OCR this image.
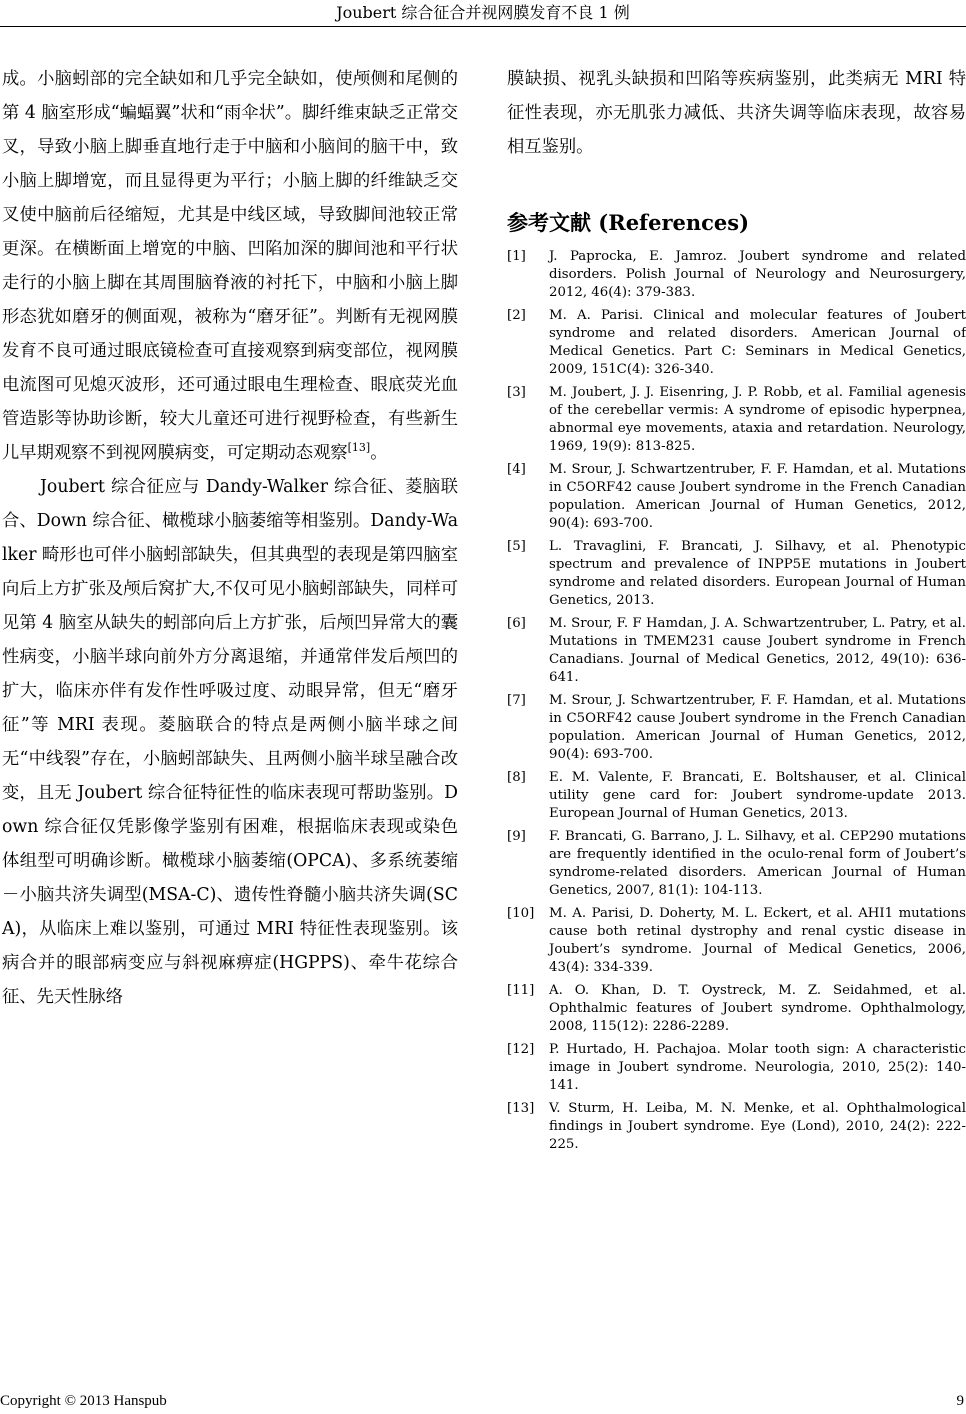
Joubert 综合征合并视网膜发育不良 1 例

成。小脑蚓部的完全缺如和几乎完全缺如，使颅侧和尾侧的第 4 脑室形成“蝙蝠翼”状和“雨伞状”。脚纤维束缺乏正常交叉，导致小脑上脚垂直地行走于中脑和小脑间的脑干中，致小脑上脚增宽，而且显得更为平行；小脑上脚的纤维缺乏交叉使中脑前后径缩短，尤其是中线区域，导致脚间池较正常更深。在横断面上增宽的中脑、凹陷加深的脚间池和平行状走行的小脑上脚在其周围脑脊液的衬托下，中脑和小脑上脚形态犹如磨牙的侧面观，被称为“磨牙征”。判断有无视网膜发育不良可通过眼底镜检查可直接观察到病变部位，视网膜电流图可见熄灭波形，还可通过眼电生理检查、眼底荧光血管造影等协助诊断，较大儿童还可进行视野检查，有些新生儿早期观察不到视网膜病变，可定期动态观察[13]。

Joubert 综合征应与 Dandy-Walker 综合征、菱脑联合、Down 综合征、橄榄球小脑萎缩等相鉴别。Dandy-Walker 畸形也可伴小脑蚓部缺失，但其典型的表现是第四脑室向后上方扩张及颅后窝扩大,不仅可见小脑蚓部缺失，同样可见第 4 脑室从缺失的蚓部向后上方扩张，后颅凹异常大的囊性病变，小脑半球向前外方分离退缩，并通常伴发后颅凹的扩大，临床亦伴有发作性呼吸过度、动眼异常，但无“磨牙征”等 MRI 表现。菱脑联合的特点是两侧小脑半球之间无“中线裂”存在，小脑蚓部缺失、且两侧小脑半球呈融合改变，且无 Joubert 综合征特征性的临床表现可帮助鉴别。Down 综合征仅凭影像学鉴别有困难，根据临床表现或染色体组型可明确诊断。橄榄球小脑萎缩(OPCA)、多系统萎缩－小脑共济失调型(MSA-C)、遗传性脊髓小脑共济失调(SCA)，从临床上难以鉴别，可通过 MRI 特征性表现鉴别。该病合并的眼部病变应与斜视麻痹症(HGPPS)、牵牛花综合征、先天性脉络

膜缺损、视乳头缺损和凹陷等疾病鉴别，此类病无 MRI 特征性表现，亦无肌张力减低、共济失调等临床表现，故容易相互鉴别。

参考文献 (References)
[1]	J. Paprocka, E. Jamroz. Joubert syndrome and related disorders. Polish Journal of Neurology and Neurosurgery, 2012, 46(4): 379-383.
[2]	M. A. Parisi. Clinical and molecular features of Joubert syndrome and related disorders. American Journal of Medical Genetics. Part C: Seminars in Medical Genetics, 2009, 151C(4): 326-340.
[3]	M. Joubert, J. J. Eisenring, J. P. Robb, et al. Familial agenesis of the cerebellar vermis: A syndrome of episodic hyperpnea, abnormal eye movements, ataxia and retardation. Neurology, 1969, 19(9): 813-825.
[4]	M. Srour, J. Schwartzentruber, F. F. Hamdan, et al. Mutations in C5ORF42 cause Joubert syndrome in the French Canadian population. American Journal of Human Genetics, 2012, 90(4): 693-700.
[5]	L. Travaglini, F. Brancati, J. Silhavy, et al. Phenotypic spectrum and prevalence of INPP5E mutations in Joubert syndrome and related disorders. European Journal of Human Genetics, 2013.
[6]	M. Srour, F. F Hamdan, J. A. Schwartzentruber, L. Patry, et al. Mutations in TMEM231 cause Joubert syndrome in French Canadians. Journal of Medical Genetics, 2012, 49(10): 636-641.
[7]	M. Srour, J. Schwartzentruber, F. F. Hamdan, et al. Mutations in C5ORF42 cause Joubert syndrome in the French Canadian population. American Journal of Human Genetics, 2012, 90(4): 693-700.
[8]	E. M. Valente, F. Brancati, E. Boltshauser, et al. Clinical utility gene card for: Joubert syndrome-update 2013. European Journal of Human Genetics, 2013.
[9]	F. Brancati, G. Barrano, J. L. Silhavy, et al. CEP290 mutations are frequently identified in the oculo-renal form of Joubert’s syndrome-related disorders. American Journal of Human Genetics, 2007, 81(1): 104-113.
[10]	M. A. Parisi, D. Doherty, M. L. Eckert, et al. AHI1 mutations cause both retinal dystrophy and renal cystic disease in Joubert’s syndrome. Journal of Medical Genetics, 2006, 43(4): 334-339.
[11]	A. O. Khan, D. T. Oystreck, M. Z. Seidahmed, et al. Ophthalmic features of Joubert syndrome. Ophthalmology, 2008, 115(12): 2286-2289.
[12]	P. Hurtado, H. Pachajoa. Molar tooth sign: A characteristic image in Joubert syndrome. Neurologia, 2010, 25(2): 140-141.
[13]	V. Sturm, H. Leiba, M. N. Menke, et al. Ophthalmological findings in Joubert syndrome. Eye (Lond), 2010, 24(2): 222-225.
Copyright © 2013 Hanspub	9
